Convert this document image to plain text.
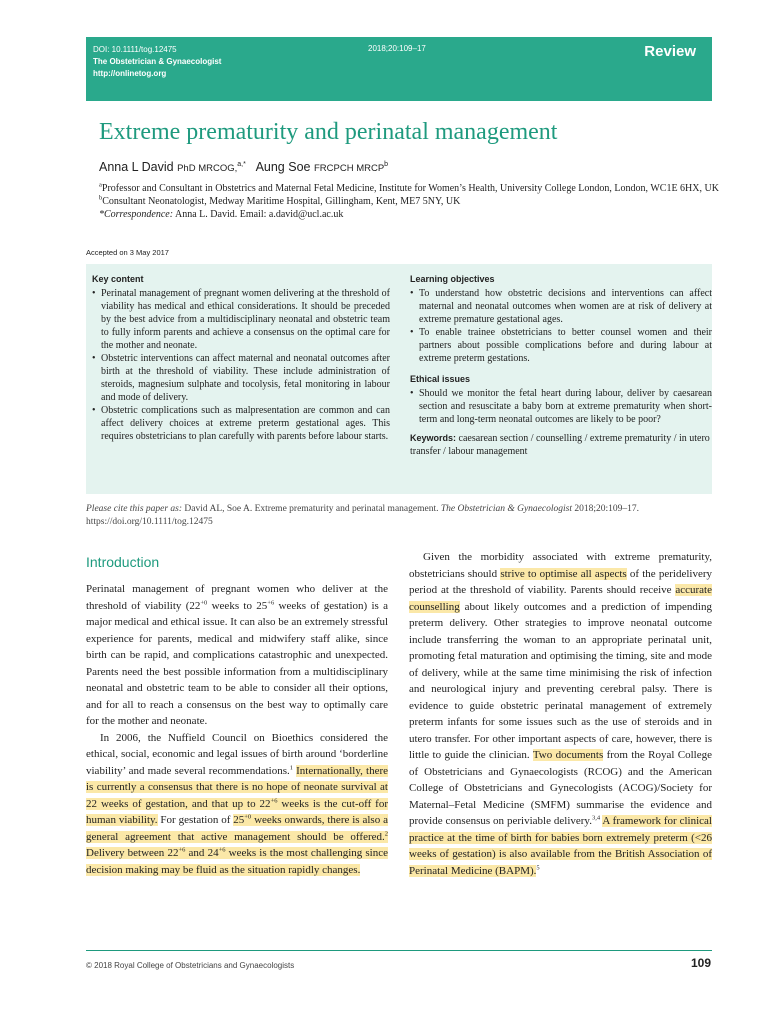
DOI: 10.1111/tog.12475
The Obstetrician & Gynaecologist
http://onlinetog.org
2018;20:109–17	Review
Extreme prematurity and perinatal management
Anna L David PhD MRCOG,$^{a,*}$ Aung Soe FRCPCH MRCP$^b$

$^a$Professor and Consultant in Obstetrics and Maternal Fetal Medicine, Institute for Women’s Health, University College London, London, WC1E 6HX, UK

$^b$Consultant Neonatologist, Medway Maritime Hospital, Gillingham, Kent, ME7 5NY, UK

*Correspondence: Anna L. David. Email: a.david@ucl.ac.uk

Accepted on 3 May 2017
Key content
• Perinatal management of pregnant women delivering at the threshold of viability has medical and ethical considerations. It should be preceded by the best advice from a multidisciplinary neonatal and obstetric team to fully inform parents and achieve a consensus on the optimal care for the mother and neonate.
• Obstetric interventions can affect maternal and neonatal outcomes after birth at the threshold of viability. These include administration of steroids, magnesium sulphate and tocolysis, fetal monitoring in labour and mode of delivery.
• Obstetric complications such as malpresentation are common and can affect delivery choices at extreme preterm gestational ages. This requires obstetricians to plan carefully with parents before labour starts.
Learning objectives
• To understand how obstetric decisions and interventions can affect maternal and neonatal outcomes when women are at risk of delivery at extreme premature gestational ages.
• To enable trainee obstetricians to better counsel women and their partners about possible complications before and during labour at extreme preterm gestations.
Ethical issues
• Should we monitor the fetal heart during labour, deliver by caesarean section and resuscitate a baby born at extreme prematurity when short-term and long-term neonatal outcomes are likely to be poor?
Keywords: caesarean section / counselling / extreme prematurity / in utero transfer / labour management
Please cite this paper as: David AL, Soe A. Extreme prematurity and perinatal management. The Obstetrician & Gynaecologist 2018;20:109–17. https://doi.org/10.1111/tog.12475
Introduction

Perinatal management of pregnant women who deliver at the threshold of viability ($22^{+0}$ weeks to $25^{+6}$ weeks of gestation) is a major medical and ethical issue. It can also be an extremely stressful experience for parents, medical and midwifery staff alike, since birth can be rapid, and complications catastrophic and unexpected. Parents need the best possible information from a multidisciplinary neonatal and obstetric team to be able to consider all their options, and for all to reach a consensus on the best way to optimally care for the mother and neonate.

In 2006, the Nuffield Council on Bioethics considered the ethical, social, economic and legal issues of birth around ‘borderline viability’ and made several recommendations.$^1$ Internationally, there is currently a consensus that there is no hope of neonate survival at 22 weeks of gestation, and that up to $22^{+6}$ weeks is the cut-off for human viability. For gestation of $25^{+0}$ weeks onwards, there is also a general agreement that active management should be offered.$^2$ Delivery between $22^{+6}$ and $24^{+6}$ weeks is the most challenging since decision making may be fluid as the situation rapidly changes.

Given the morbidity associated with extreme prematurity, obstetricians should strive to optimise all aspects of the peridelivery period at the threshold of viability. Parents should receive accurate counselling about likely outcomes and a prediction of impending preterm delivery. Other strategies to improve neonatal outcome include transferring the woman to an appropriate perinatal unit, promoting fetal maturation and optimising the timing, site and mode of delivery, while at the same time minimising the risk of infection and neurological injury and preventing cerebral palsy. There is evidence to guide obstetric perinatal management of extremely preterm infants for some issues such as the use of steroids and in utero transfer. For other important aspects of care, however, there is little to guide the clinician. Two documents from the Royal College of Obstetricians and Gynaecologists (RCOG) and the American College of Obstetricians and Gynecologists (ACOG)/Society for Maternal–Fetal Medicine (SMFM) summarise the evidence and provide consensus on periviable delivery.$^{3,4}$ A framework for clinical practice at the time of birth for babies born extremely preterm (<26 weeks of gestation) is also available from the British Association of Perinatal Medicine (BAPM).$^5$

© 2018 Royal College of Obstetricians and Gynaecologists	109
